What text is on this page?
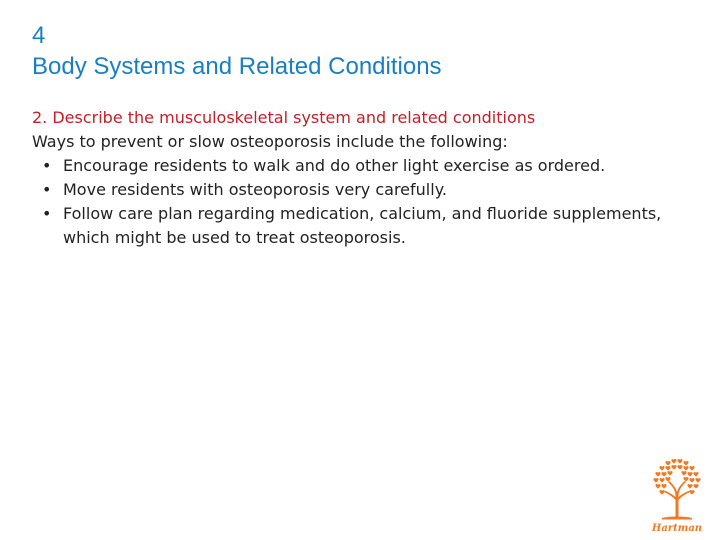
4
Body Systems and Related Conditions

2. Describe the musculoskeletal system and related conditions

Ways to prevent or slow osteoporosis include the following:

• Encourage residents to walk and do other light exercise as ordered.
• Move residents with osteoporosis very carefully.
• Follow care plan regarding medication, calcium, and fluoride supplements, which might be used to treat osteoporosis.
Hartman
